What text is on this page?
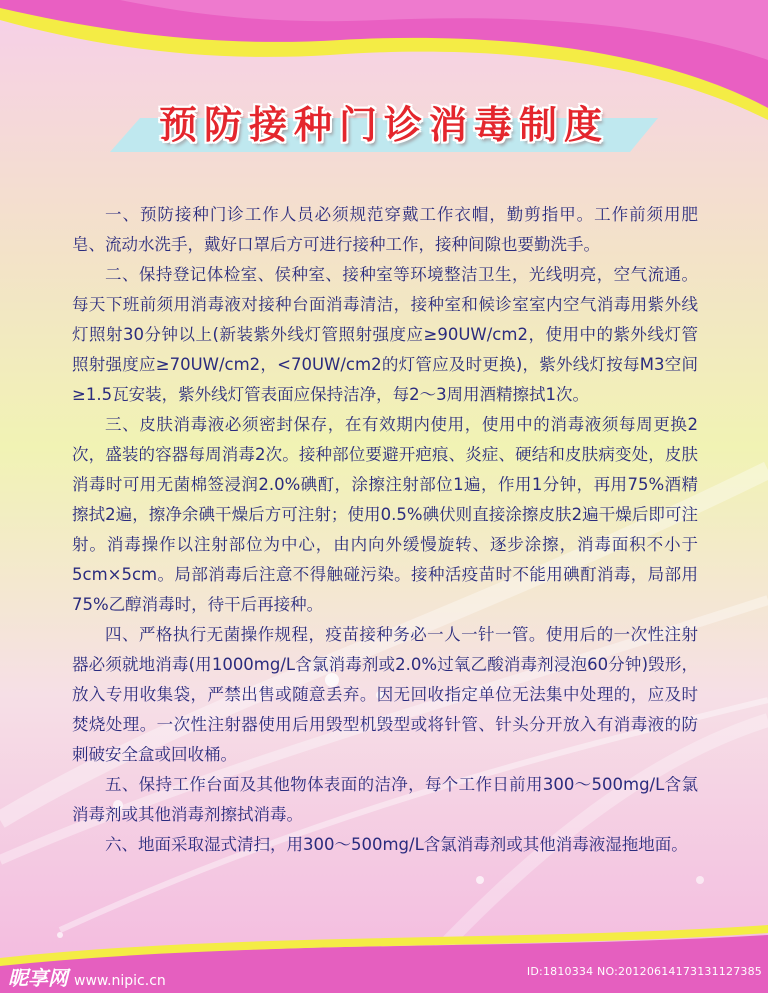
预防接种门诊消毒制度

一、预防接种门诊工作人员必须规范穿戴工作衣帽，勤剪指甲。工作前须用肥皂、流动水洗手，戴好口罩后方可进行接种工作，接种间隙也要勤洗手。

二、保持登记体检室、侯种室、接种室等环境整洁卫生，光线明亮，空气流通。每天下班前须用消毒液对接种台面消毒清洁，接种室和候诊室室内空气消毒用紫外线灯照射30分钟以上(新装紫外线灯管照射强度应≥90UW/cm2，使用中的紫外线灯管照射强度应≥70UW/cm2，<70UW/cm2的灯管应及时更换)，紫外线灯按每M3空间≥1.5瓦安装，紫外线灯管表面应保持洁净，每2～3周用酒精擦拭1次。

三、皮肤消毒液必须密封保存，在有效期内使用，使用中的消毒液须每周更换2次，盛装的容器每周消毒2次。接种部位要避开疤痕、炎症、硬结和皮肤病变处，皮肤消毒时可用无菌棉签浸润2.0%碘酊，涂擦注射部位1遍，作用1分钟，再用75%酒精擦拭2遍，擦净余碘干燥后方可注射；使用0.5%碘伏则直接涂擦皮肤2遍干燥后即可注射。消毒操作以注射部位为中心，由内向外缓慢旋转、逐步涂擦，消毒面积不小于5cm×5cm。局部消毒后注意不得触碰污染。接种活疫苗时不能用碘酊消毒，局部用75%乙醇消毒时，待干后再接种。

四、严格执行无菌操作规程，疫苗接种务必一人一针一管。使用后的一次性注射器必须就地消毒(用1000mg/L含氯消毒剂或2.0%过氧乙酸消毒剂浸泡60分钟)毁形，放入专用收集袋，严禁出售或随意丢弃。因无回收指定单位无法集中处理的，应及时焚烧处理。一次性注射器使用后用毁型机毁型或将针管、针头分开放入有消毒液的防刺破安全盒或回收桶。

五、保持工作台面及其他物体表面的洁净，每个工作日前用300～500mg/L含氯消毒剂或其他消毒剂擦拭消毒。

六、地面采取湿式清扫，用300～500mg/L含氯消毒剂或其他消毒液湿拖地面。

昵享网 www.nipic.cn
ID:1810334 NO:20120614173131127385
